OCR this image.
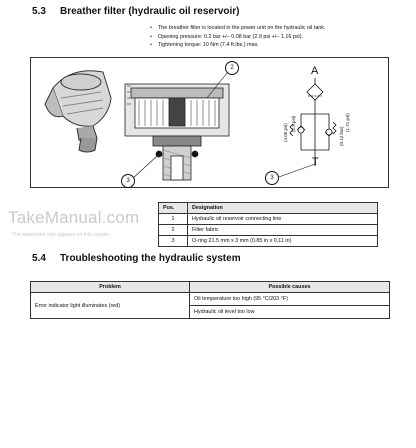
5.3 Breather filter (hydraulic oil reservoir)
• The breather filter is located in the power unit on the hydraulic oil tank.
• Opening pressure: 0.2 bar +/– 0.08 bar (2.9 psi +/– 1.16 psi).
• Tightening torque: 10 Nm (7.4 ft.lbs.) max.
(4.06 psi) (2.9 psi)
(0.12 bar)
(1.71 psi)
2
3	3
A
T
TakeManual.com
The watermark only appears on this sample
Pos.	Designation
1	Hydraulic oil reservoir connecting line
2	Filter fabric
3	O-ring 21.5 mm x 3 mm (0.85 in x 0.11 in)
5.4 Troubleshooting the hydraulic system
Problem	Possible causes
Error indicator light illuminates (red)	Oil temperature too high (95 °C/203 °F)
	Hydraulic oil level too low
